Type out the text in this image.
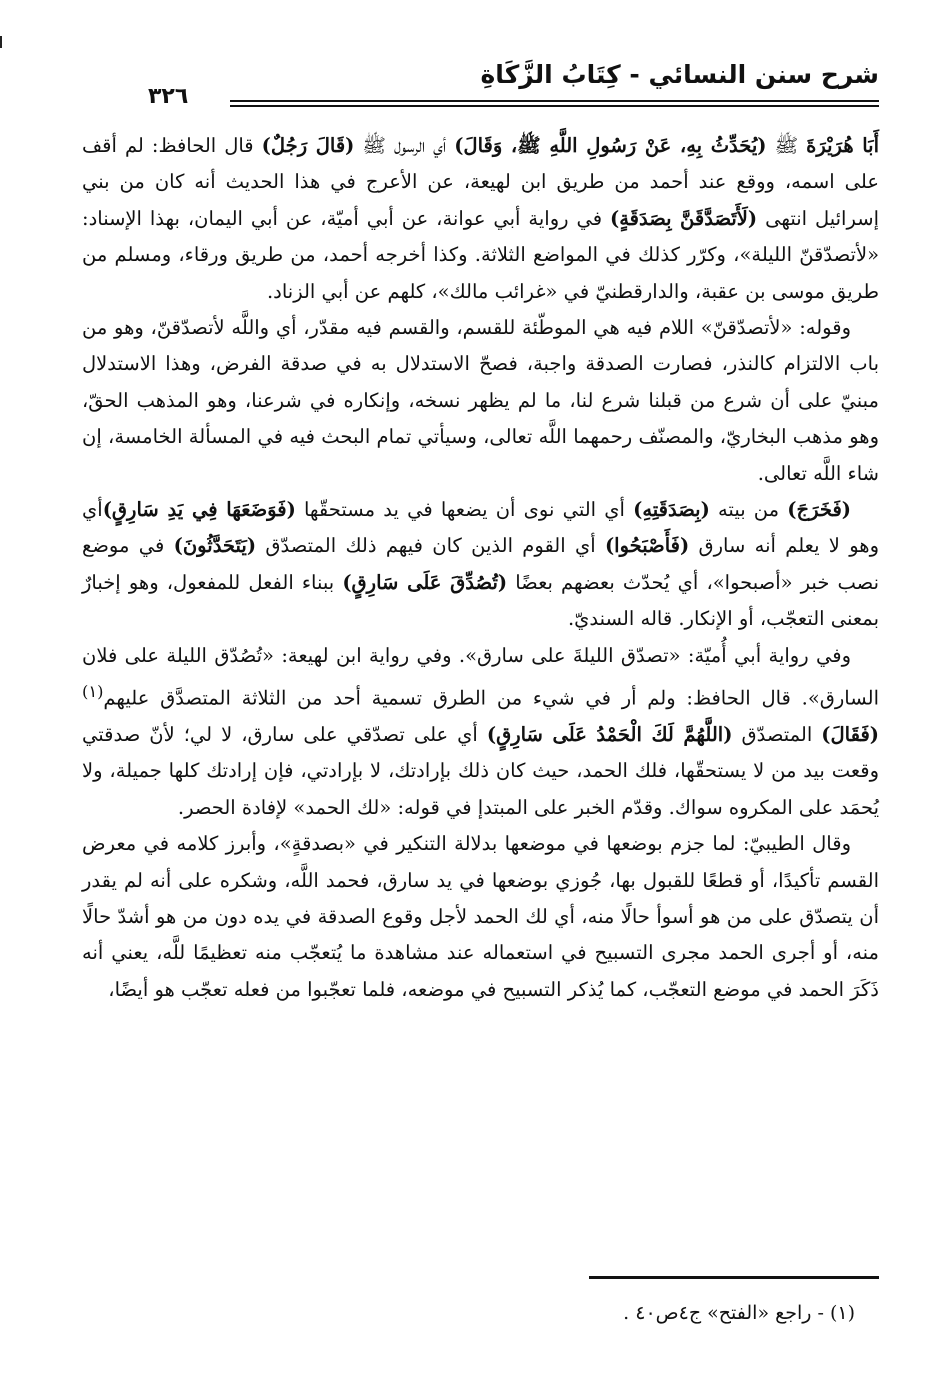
شرح سنن النسائي - كِتَابُ الزَّكَاةِ
٣٢٦

أَبَا هُرَيْرَةَ ﷺ (يُحَدِّثُ بِهِ، عَنْ رَسُولِ اللَّهِ ﷺ، وَقَالَ) أي الرسول ﷺ (قَالَ رَجُلٌ) قال الحافظ: لم أقف على اسمه، ووقع عند أحمد من طريق ابن لهيعة، عن الأعرج في هذا الحديث أنه كان من بني إسرائيل انتهى (لَأَتَصَدَّقَنَّ بِصَدَقَةٍ) في رواية أبي عوانة، عن أبي أميّة، عن أبي اليمان، بهذا الإسناد: «لأتصدّقنّ الليلة»، وكرّر كذلك في المواضع الثلاثة. وكذا أخرجه أحمد، من طريق ورقاء، ومسلم من طريق موسى بن عقبة، والدارقطنيّ في «غرائب مالك»، كلهم عن أبي الزناد.

وقوله: «لأتصدّقنّ» اللام فيه هي الموطّئة للقسم، والقسم فيه مقدّر، أي واللَّه لأتصدّقنّ، وهو من باب الالتزام كالنذر، فصارت الصدقة واجبة، فصحّ الاستدلال به في صدقة الفرض، وهذا الاستدلال مبنيّ على أن شرع من قبلنا شرع لنا، ما لم يظهر نسخه، وإنكاره في شرعنا، وهو المذهب الحقّ، وهو مذهب البخاريّ، والمصنّف رحمهما اللَّه تعالى، وسيأتي تمام البحث فيه في المسألة الخامسة، إن شاء اللَّه تعالى.

(فَخَرَجَ) من بيته (بِصَدَقَتِهِ) أي التي نوى أن يضعها في يد مستحقّها (فَوَضَعَهَا فِي يَدِ سَارِقٍ)أي وهو لا يعلم أنه سارق (فَأَصْبَحُوا) أي القوم الذين كان فيهم ذلك المتصدّق (يَتَحَدَّثُونَ) في موضع نصب خبر «أصبحوا»، أي يُحدّث بعضهم بعضًا (تُصُدِّقَ عَلَى سَارِقٍ) ببناء الفعل للمفعول، وهو إخبارٌ بمعنى التعجّب، أو الإنكار. قاله السنديّ.

وفي رواية أبي أُميّة: «تصدّق الليلةَ على سارق». وفي رواية ابن لهيعة: «تُصُدّق الليلة على فلان السارق». قال الحافظ: ولم أر في شيء من الطرق تسمية أحد من الثلاثة المتصدَّق عليهم$^{(١)}$ (فَقَالَ) المتصدّق (اللَّهُمَّ لَكَ الْحَمْدُ عَلَى سَارِقٍ) أي على تصدّقي على سارق، لا لي؛ لأنّ صدقتي وقعت بيد من لا يستحقّها، فلك الحمد، حيث كان ذلك بإرادتك، لا بإرادتي، فإن إرادتك كلها جميلة، ولا يُحمَد على المكروه سواك. وقدّم الخبر على المبتدإ في قوله: «لك الحمد» لإفادة الحصر.

وقال الطيبيّ: لما جزم بوضعها في موضعها بدلالة التنكير في «بصدقةٍ»، وأبرز كلامه في معرض القسم تأكيدًا، أو قطعًا للقبول بها، جُوزي بوضعها في يد سارق، فحمد اللَّه، وشكره على أنه لم يقدر أن يتصدّق على من هو أسوأ حالًا منه، أي لك الحمد لأجل وقوع الصدقة في يده دون من هو أشدّ حالًا منه، أو أجرى الحمد مجرى التسبيح في استعماله عند مشاهدة ما يُتعجّب منه تعظيمًا للَّه، يعني أنه ذَكَرَ الحمد في موضع التعجّب، كما يُذكر التسبيح في موضعه، فلما تعجّبوا من فعله تعجّب هو أيضًا،

(١) - راجع «الفتح» ج٤ص٤٠ .
